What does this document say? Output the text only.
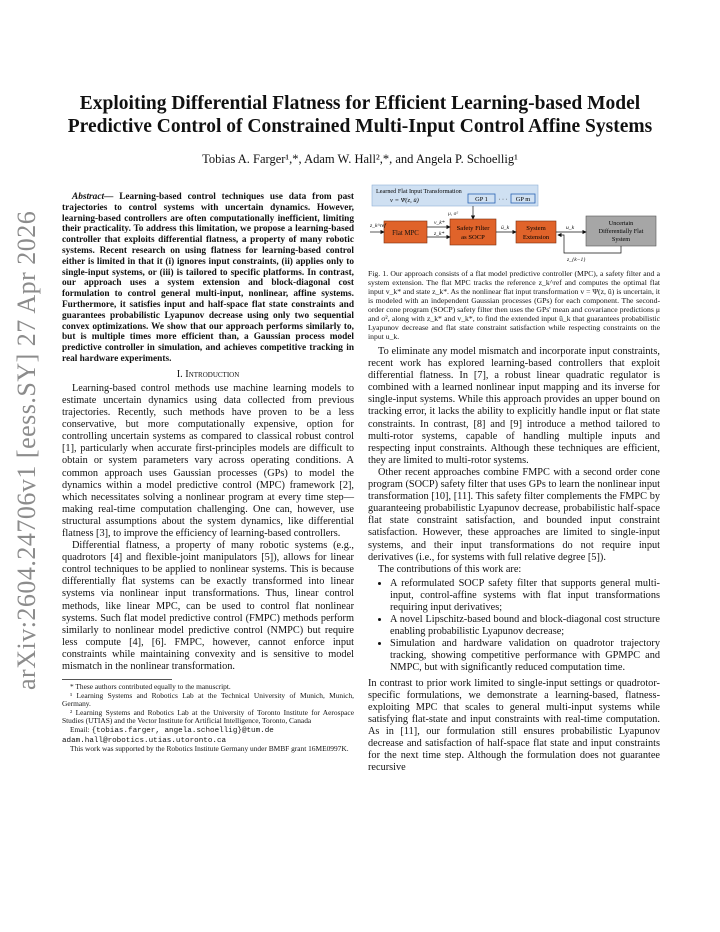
arXiv:2604.24706v1 [eess.SY] 27 Apr 2026
Exploiting Differential Flatness for Efficient Learning-based Model Predictive Control of Constrained Multi-Input Control Affine Systems
Tobias A. Farger¹,*, Adam W. Hall²,*, and Angela P. Schoellig¹

Abstract— Learning-based control techniques use data from past trajectories to control systems with uncertain dynamics. However, learning-based controllers are often computationally inefficient, limiting their practicality. To address this limitation, we propose a learning-based controller that exploits differential flatness, a property of many robotic systems. Recent research on using flatness for learning-based control either is limited in that it (i) ignores input constraints, (ii) applies only to single-input systems, or (iii) is tailored to specific platforms. In contrast, our approach uses a system extension and block-diagonal cost formulation to control general multi-input, nonlinear, affine systems. Furthermore, it satisfies input and half-space flat state constraints and guarantees probabilistic Lyapunov decrease using only two sequential convex optimizations. We show that our approach performs similarly to, but is multiple times more efficient than, a Gaussian process model predictive controller in simulation, and achieves competitive tracking in real hardware experiments.

I. Introduction

Learning-based control methods use machine learning models to estimate uncertain dynamics using data collected from previous trajectories. Recently, such methods have proven to be a less conservative, but more computationally expensive, option for controlling uncertain systems as compared to classical robust control [1], particularly when accurate first-principles models are difficult to obtain or system parameters vary across operating conditions. A common approach uses Gaussian processes (GPs) to model the dynamics within a model predictive control (MPC) framework [2], which necessitates solving a nonlinear program at every time step—making real-time computation challenging. One can, however, use structural assumptions about the system dynamics, like differential flatness [3], to improve the efficiency of learning-based controllers.

Differential flatness, a property of many robotic systems (e.g., quadrotors [4] and flexible-joint manipulators [5]), allows for linear control techniques to be applied to nonlinear systems. This is because differentially flat systems can be exactly transformed into linear systems via nonlinear input transformations. Thus, linear control methods, like linear MPC, can be used to control flat nonlinear systems. Such flat model predictive control (FMPC) methods perform similarly to nonlinear model predictive control (NMPC) but require less compute [4], [6]. FMPC, however, cannot enforce input constraints while maintaining convexity and is sensitive to model mismatch in the nonlinear transformation.

* These authors contributed equally to the manuscript.

¹ Learning Systems and Robotics Lab at the Technical University of Munich, Munich, Germany.

² Learning Systems and Robotics Lab at the University of Toronto Institute for Aerospace Studies (UTIAS) and the Vector Institute for Artificial Intelligence, Toronto, Canada

Email: {tobias.farger, angela.schoellig}@tum.de

adam.hall@robotics.utias.utoronto.ca

This work was supported by the Robotics Institute Germany under BMBF grant 16ME0997K.

Learned Flat Input Transformation
v = Ψ(z, ū)	GP 1 · · · GP m
Flat MPC
Safety Filter
as SOCP
System
Extension
Uncertain
Differentially Flat
System
z_k^ref	v_k*
z_k*
μ, σ²
ū_k	u_k
z_{k−1}

Fig. 1. Our approach consists of a flat model predictive controller (MPC), a safety filter and a system extension. The flat MPC tracks the reference z_k^ref and computes the optimal flat input v_k* and state z_k*. As the nonlinear flat input transformation v = Ψ(z, ū) is uncertain, it is modeled with an independent Gaussian processes (GPs) for each component. The second-order cone program (SOCP) safety filter then uses the GPs' mean and covariance predictions μ and σ², along with z_k* and v_k*, to find the extended input ū_k that guarantees probabilistic Lyapunov decrease and flat state constraint satisfaction while respecting constraints on the input u_k.

To eliminate any model mismatch and incorporate input constraints, recent work has explored learning-based controllers that exploit differential flatness. In [7], a robust linear quadratic regulator is combined with a learned nonlinear input mapping and its inverse for single-input systems. While this approach provides an upper bound on tracking error, it lacks the ability to explicitly handle input or flat state constraints. In contrast, [8] and [9] introduce a method tailored to multi-rotor systems, capable of handling multiple inputs and respecting input constraints. Although these techniques are efficient, they are limited to multi-rotor systems.

Other recent approaches combine FMPC with a second order cone program (SOCP) safety filter that uses GPs to learn the nonlinear input transformation [10], [11]. This safety filter complements the FMPC by guaranteeing probabilistic Lyapunov decrease, probabilistic half-space flat state constraint satisfaction, and bounded input constraint satisfaction. However, these approaches are limited to single-input systems, and their input transformations do not require input derivatives (i.e., for systems with full relative degree [5]).

The contributions of this work are:

• A reformulated SOCP safety filter that supports general multi-input, control-affine systems with flat input transformations requiring input derivatives;
• A novel Lipschitz-based bound and block-diagonal cost structure enabling probabilistic Lyapunov decrease;
• Simulation and hardware validation on quadrotor trajectory tracking, showing competitive performance with GPMPC and NMPC, but with significantly reduced computation time.

In contrast to prior work limited to single-input settings or quadrotor-specific formulations, we demonstrate a learning-based, flatness-exploiting MPC that scales to general multi-input systems while satisfying flat-state and input constraints with real-time computation. As in [11], our formulation still ensures probabilistic Lyapunov decrease and satisfaction of half-space flat state and input constraints for the next time step. Although the formulation does not guarantee recursive
